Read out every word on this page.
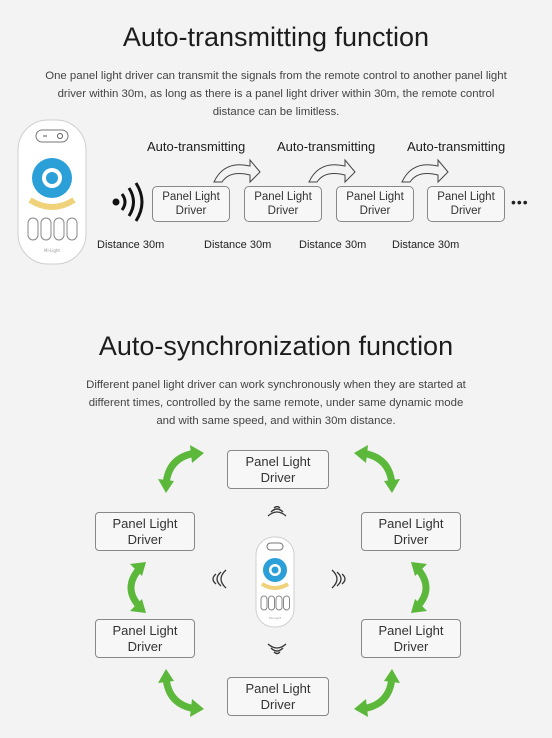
Auto-transmitting function
One panel light driver can transmit the signals from the remote control to another panel light driver within 30m, as long as there is a panel light driver within 30m, the remote control distance can be limitless.
Mi-Light
Auto-transmitting Auto-transmitting Auto-transmitting
Panel Light
Driver
Panel Light
Driver
Panel Light
Driver
Panel Light
Driver
•••
Distance 30m	Distance 30m	Distance 30m Distance 30m
Auto-synchronization function
Different panel light driver can work synchronously when they are started at different times, controlled by the same remote, under same dynamic mode and with same speed, and within 30m distance.
Panel Light
Driver
Panel Light
Driver
Panel Light
Driver
Panel Light
Driver
Panel Light
Driver
Panel Light
Driver
Mi-Light
